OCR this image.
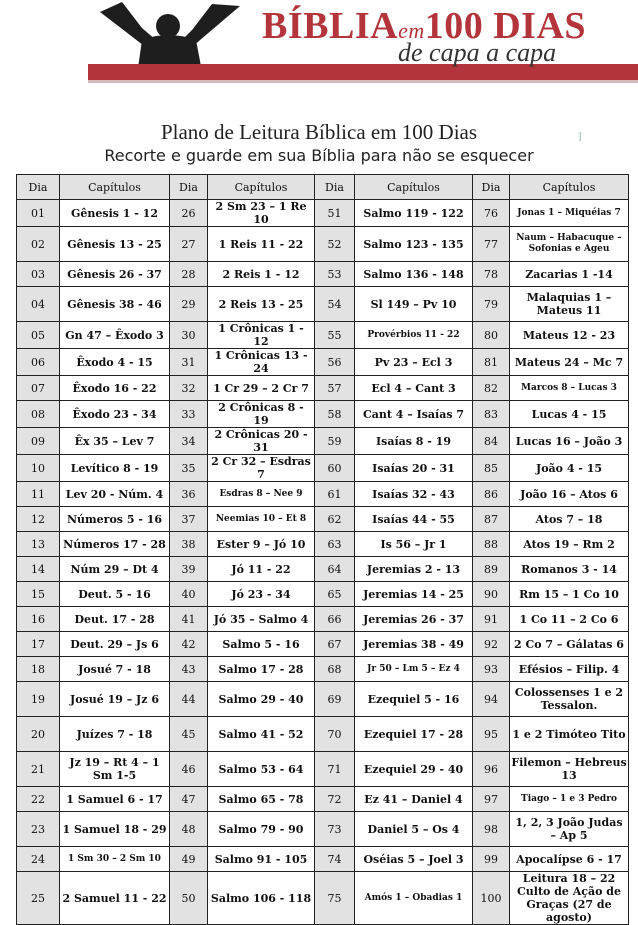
BÍBLIAem100 DIAS
de capa a capa
Plano de Leitura Bíblica em 100 Dias
Recorte e guarde em sua Bíblia para não se esquecer
ĵ
Dia	Capítulos	Dia	Capítulos	Dia	Capítulos	Dia	Capítulos
01	Gênesis 1 - 12	26	2 Sm 23 – 1 Re 10	51	Salmo 119 - 122	76	Jonas 1 – Miquéias 7
02	Gênesis 13 - 25	27	1 Reis 11 - 22	52	Salmo 123 - 135	77	Naum – Habacuque – Sofonias e Ageu
03	Gênesis 26 - 37	28	2 Reis 1 - 12	53	Salmo 136 - 148	78	Zacarias 1 -14
04	Gênesis 38 - 46	29	2 Reis 13 - 25	54	Sl 149 – Pv 10	79	Malaquias 1 – Mateus 11
05	Gn 47 – Êxodo 3	30	1 Crônicas 1 - 12	55	Provérbios 11 - 22	80	Mateus 12 - 23
06	Êxodo 4 - 15	31	1 Crônicas 13 - 24	56	Pv 23 – Ecl 3	81	Mateus 24 – Mc 7
07	Êxodo 16 - 22	32	1 Cr 29 – 2 Cr 7	57	Ecl 4 – Cant 3	82	Marcos 8 – Lucas 3
08	Êxodo 23 - 34	33	2 Crônicas 8 - 19	58	Cant 4 – Isaías 7	83	Lucas 4 - 15
09	Êx 35 – Lev 7	34	2 Crônicas 20 - 31	59	Isaías 8 - 19	84	Lucas 16 – João 3
10	Levítico 8 - 19	35	2 Cr 32 – Esdras 7	60	Isaías 20 - 31	85	João 4 - 15
11	Lev 20 - Núm. 4	36	Esdras 8 – Nee 9	61	Isaías 32 - 43	86	João 16 – Atos 6
12	Números 5 - 16	37	Neemias 10 – Et 8	62	Isaías 44 - 55	87	Atos 7 – 18
13	Números 17 - 28	38	Ester 9 – Jó 10	63	Is 56 – Jr 1	88	Atos 19 – Rm 2
14	Núm 29 – Dt 4	39	Jó 11 - 22	64	Jeremias 2 - 13	89	Romanos 3 - 14
15	Deut. 5 - 16	40	Jó 23 - 34	65	Jeremias 14 - 25	90	Rm 15 – 1 Co 10
16	Deut. 17 - 28	41	Jó 35 – Salmo 4	66	Jeremias 26 - 37	91	1 Co 11 – 2 Co 6
17	Deut. 29 – Js 6	42	Salmo 5 - 16	67	Jeremias 38 - 49	92	2 Co 7 – Gálatas 6
18	Josué 7 - 18	43	Salmo 17 - 28	68	Jr 50 – Lm 5 – Ez 4	93	Efésios – Filip. 4
19	Josué 19 – Jz 6	44	Salmo 29 - 40	69	Ezequiel 5 - 16	94	Colossenses 1 e 2 Tessalon.
20	Juízes 7 - 18	45	Salmo 41 - 52	70	Ezequiel 17 - 28	95	1 e 2 Timóteo Tito
21	Jz 19 – Rt 4 – 1 Sm 1-5	46	Salmo 53 - 64	71	Ezequiel 29 - 40	96	Filemon – Hebreus 13
22	1 Samuel 6 - 17	47	Salmo 65 - 78	72	Ez 41 – Daniel 4	97	Tiago – 1 e 3 Pedro
23	1 Samuel 18 - 29	48	Salmo 79 - 90	73	Daniel 5 – Os 4	98	1, 2, 3 João Judas – Ap 5
24	1 Sm 30 – 2 Sm 10	49	Salmo 91 - 105	74	Oséias 5 – Joel 3	99	Apocalípse 6 - 17
25	2 Samuel 11 - 22	50	Salmo 106 - 118	75	Amós 1 – Obadias 1	100	Leitura 18 – 22 Culto de Ação de Graças (27 de agosto)
